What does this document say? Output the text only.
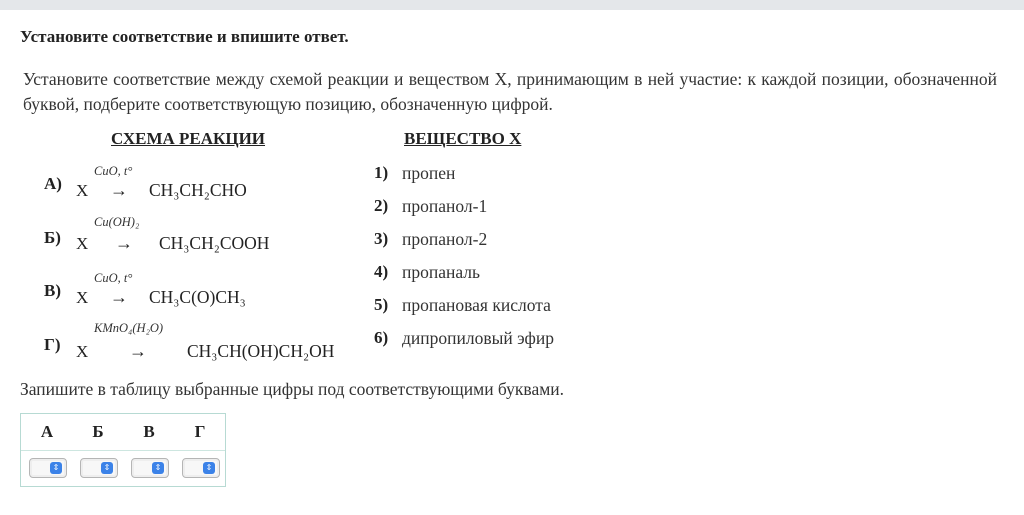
Установите соответствие и впишите ответ.
Установите соответствие между схемой реакции и веществом X, принимающим в ней участие: к каждой позиции, обозначенной буквой, подберите соответствующую позицию, обозначенную цифрой.
СХЕМА РЕАКЦИИ	ВЕЩЕСТВО X
А) X
CuO, t°
→ CH₃CH₂CHO
Б) X
Cu(OH)₂
→ CH₃CH₂COOH
В) X
CuO, t°
→ CH₃C(O)CH₃
Г) X
KMnO₄(H₂O)
→ CH₃CH(OH)CH₂OH
1) пропен
2) пропанол-1
3) пропанол-2
4) пропаналь
5) пропановая кислота
6) дипропиловый эфир
Запишите в таблицу выбранные цифры под соответствующими буквами.
А	Б	В	Г
⇕	⇕	⇕	⇕
